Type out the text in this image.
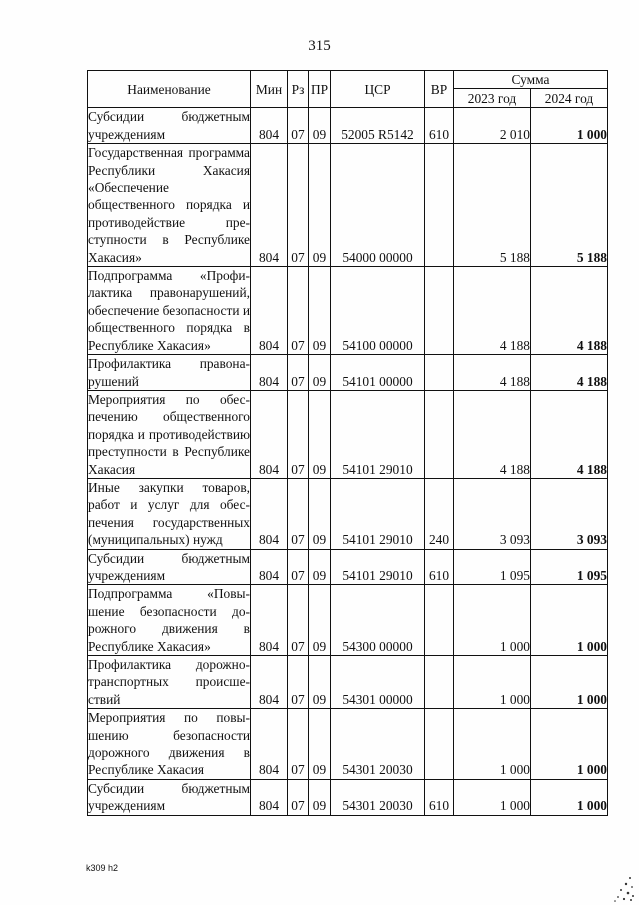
315
Наименование	Мин	Рз	ПР	ЦСР	ВР	Сумма	
						2023 год	2024 год
Субсидии бюджетным учреждениям	804	07	09	52005 R5142	610	2 010	1 000
Государственная программа Республики Хакасия «Обеспечение общественного порядка и противодействие преступности в Республике Хакасия»	804	07	09	54000 00000		5 188	5 188
Подпрограмма «Профилактика правонарушений, обеспечение безопасности и общественного порядка в Республике Хакасия»	804	07	09	54100 00000		4 188	4 188
Профилактика правонарушений	804	07	09	54101 00000		4 188	4 188
Мероприятия по обеспечению общественного порядка и противодействию преступности в Республике Хакасия	804	07	09	54101 29010		4 188	4 188
Иные закупки товаров, работ и услуг для обеспечения государственных (муниципальных) нужд	804	07	09	54101 29010	240	3 093	3 093
Субсидии бюджетным учреждениям	804	07	09	54101 29010	610	1 095	1 095
Подпрограмма «Повышение безопасности дорожного движения в Республике Хакасия»	804	07	09	54300 00000		1 000	1 000
Профилактика дорожно-транспортных происшествий	804	07	09	54301 00000		1 000	1 000
Мероприятия по повышению безопасности дорожного движения в Республике Хакасия	804	07	09	54301 20030		1 000	1 000
Субсидии бюджетным учреждениям	804	07	09	54301 20030	610	1 000	1 000
k309 h2
